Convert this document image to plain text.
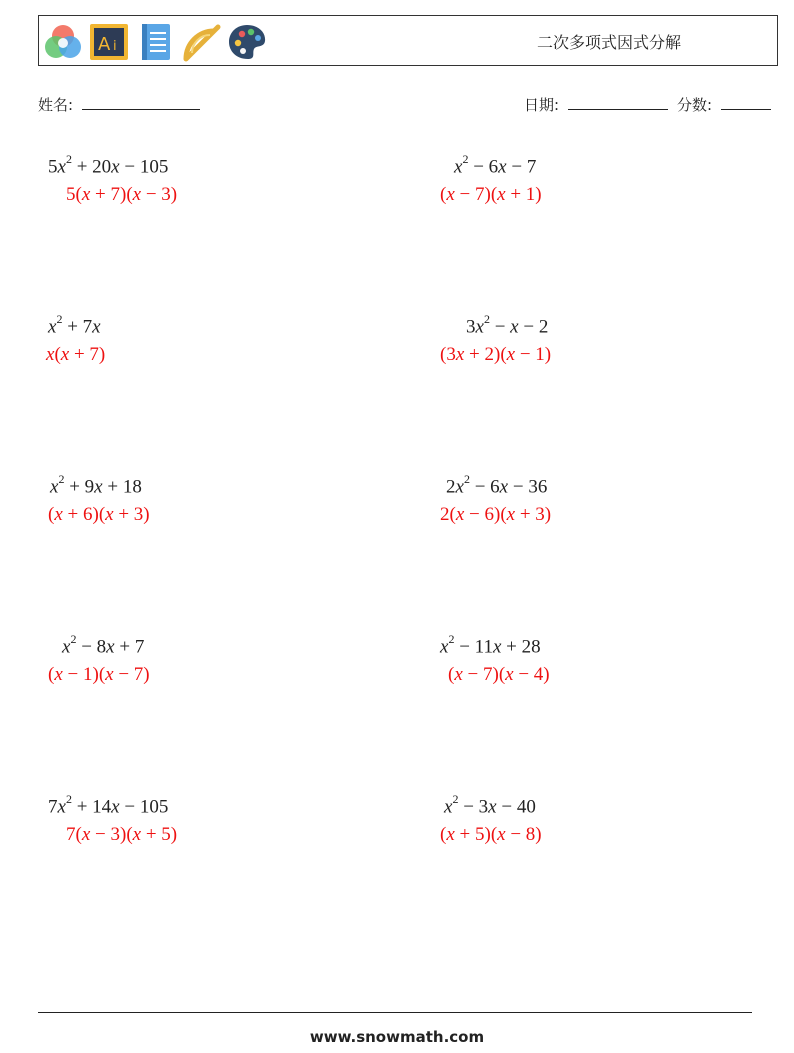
A i	二次多项式因式分解
姓名:	日期:	分数:
$5x^2 + 20x - 105$
5(x + 7)(x − 3)
$x^2 - 6x - 7$
(x − 7)(x + 1)
$x^2 + 7x$
x(x + 7)
$3x^2 - x - 2$
(3x + 2)(x − 1)
$x^2 + 9x + 18$
(x + 6)(x + 3)
$2x^2 - 6x - 36$
2(x − 6)(x + 3)
$x^2 - 8x + 7$
(x − 1)(x − 7)
$x^2 - 11x + 28$
(x − 7)(x − 4)
$7x^2 + 14x - 105$
7(x − 3)(x + 5)
$x^2 - 3x - 40$
(x + 5)(x − 8)
www.snowmath.com
